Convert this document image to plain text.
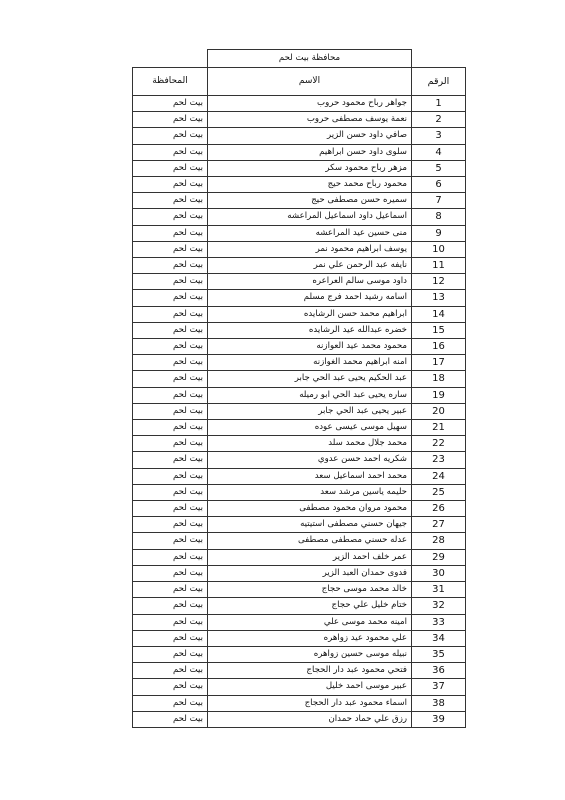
	محافظة بيت لحم	
الرقم	الاسم	المحافظة
1	جواهر رباح محمود حروب	بيت لحم
2	نعمة يوسف مصطفى حروب	بيت لحم
3	صافي داود حسن الزير	بيت لحم
4	سلوى داود حسن ابراهيم	بيت لحم
5	مزهر رباح محمود سكر	بيت لحم
6	محمود رباح محمد حيج	بيت لحم
7	سميره حسن مصطفى حيج	بيت لحم
8	اسماعيل داود اسماعيل المراعشه	بيت لحم
9	منى حسين عيد المراعشه	بيت لحم
10	يوسف ابراهيم محمود نمر	بيت لحم
11	نايفه عبد الرحمن علي نمر	بيت لحم
12	داود موسى سالم العراعره	بيت لحم
13	اسامه رشيد احمد فرج مسلم	بيت لحم
14	ابراهيم محمد حسن الرشايده	بيت لحم
15	خضره عبدالله عيد الرشايده	بيت لحم
16	محمود محمد عيد العوازنه	بيت لحم
17	امنه ابراهيم محمد الغوازنه	بيت لحم
18	عبد الحكيم يحيى عبد الحي جابر	بيت لحم
19	ساره يحيى عبد الحي ابو رميله	بيت لحم
20	عبير يحيى عبد الحي جابر	بيت لحم
21	سهيل موسى عيسى عوده	بيت لحم
22	محمد جلال محمد سلد	بيت لحم
23	شكريه احمد حسن عدوي	بيت لحم
24	محمد احمد اسماعيل سعد	بيت لحم
25	حليمه ياسين مرشد سعد	بيت لحم
26	محمود مروان محمود مصطفى	بيت لحم
27	جيهان حسني مصطفى استيتيه	بيت لحم
28	عدله حسني مصطفى مصطفى	بيت لحم
29	عمر خلف احمد الزير	بيت لحم
30	فدوى حمدان العبد الزير	بيت لحم
31	خالد محمد موسى حجاج	بيت لحم
32	ختام خليل علي حجاج	بيت لحم
33	امينه محمد موسى علي	بيت لحم
34	علي محمود عيد زواهره	بيت لحم
35	نبيله موسى حسين زواهره	بيت لحم
36	فتحي محمود عبد دار الحجاج	بيت لحم
37	عبير موسى احمد خليل	بيت لحم
38	اسماء محمود عبد دار الحجاج	بيت لحم
39	رزق علي حماد حمدان	بيت لحم
